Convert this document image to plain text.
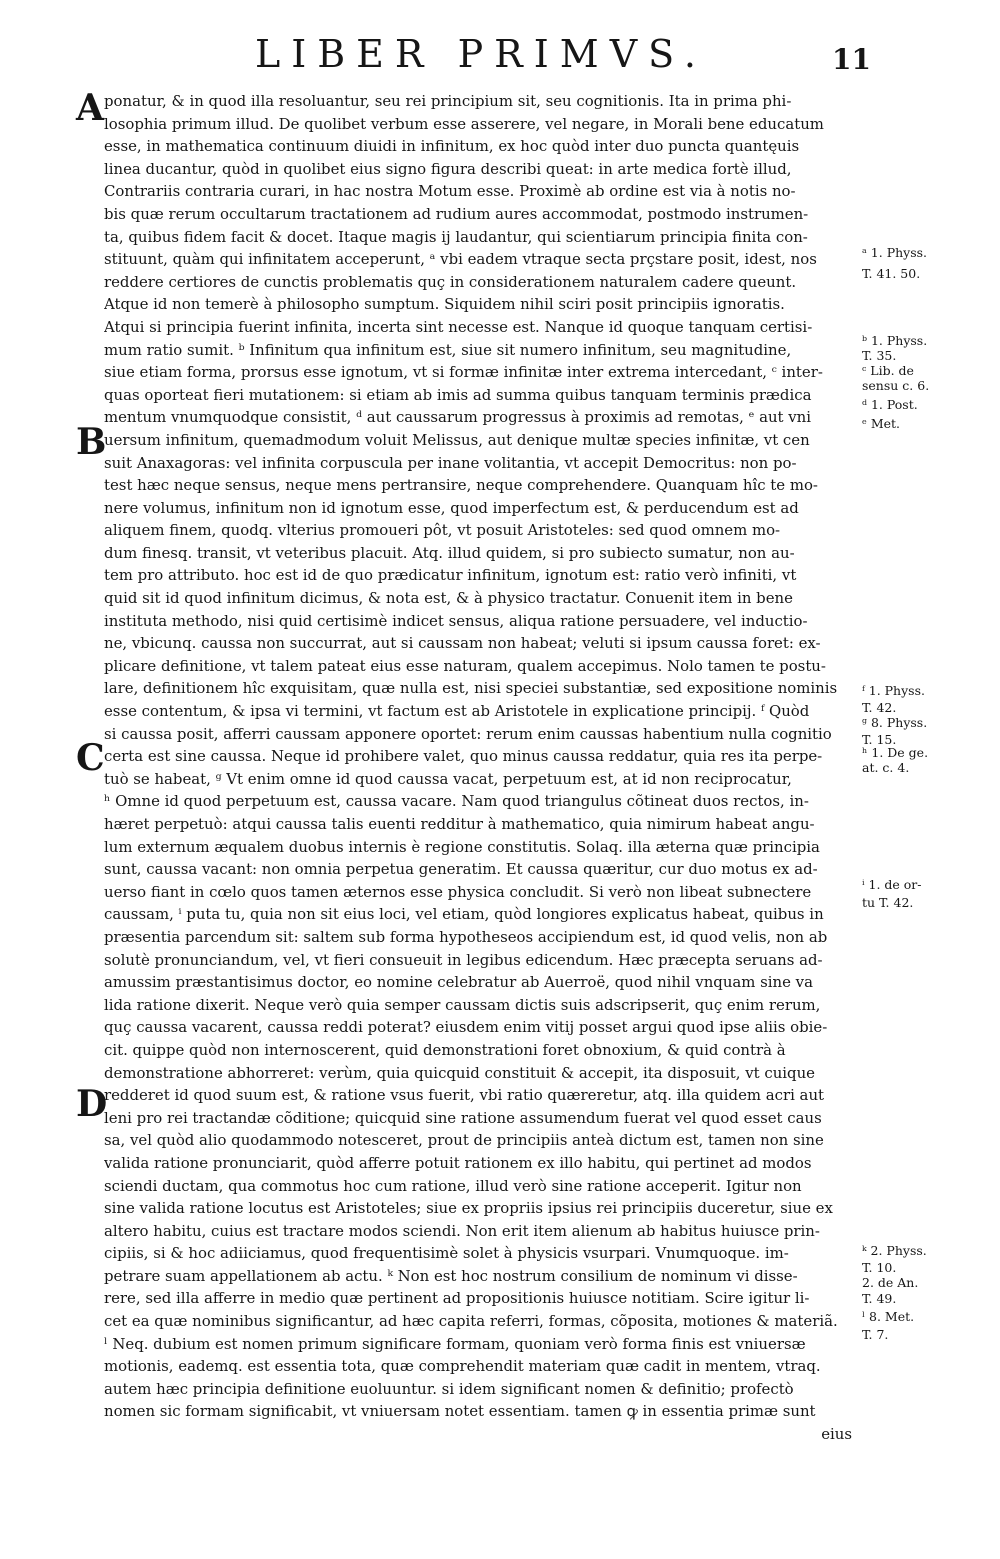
LIBER PRIMVS.	11
A
B
C
D
ponatur, & in quod illa resoluantur, seu rei principium sit, seu cognitionis. Ita in prima phi-
losophia primum illud. De quolibet verbum esse asserere, vel negare, in Morali bene educatum
esse, in mathematica continuum diuidi in infinitum, ex hoc quòd inter duo puncta quantęuis
linea ducantur, quòd in quolibet eius signo figura describi queat: in arte medica fortè illud,
Contrariis contraria curari, in hac nostra Motum esse. Proximè ab ordine est via à notis no-
bis quæ rerum occultarum tractationem ad rudium aures accommodat, postmodo instrumen-
ta, quibus fidem facit & docet. Itaque magis ij laudantur, qui scientiarum principia finita con-
stituunt, quàm qui infinitatem acceperunt, ᵃ vbi eadem vtraque secta prçstare posit, idest, nos
reddere certiores de cunctis problematis quç in considerationem naturalem cadere queunt.
Atque id non temerè à philosopho sumptum. Siquidem nihil sciri posit principiis ignoratis.
Atqui si principia fuerint infinita, incerta sint necesse est. Nanque id quoque tanquam certisi-
mum ratio sumit. ᵇ Infinitum qua infinitum est, siue sit numero infinitum, seu magnitudine,
siue etiam forma, prorsus esse ignotum, vt si formæ infinitæ inter extrema intercedant, ᶜ inter-
quas oporteat fieri mutationem: si etiam ab imis ad summa quibus tanquam terminis prædica
mentum vnumquodque consistit, ᵈ aut caussarum progressus à proximis ad remotas, ᵉ aut vni
uersum infinitum, quemadmodum voluit Melissus, aut denique multæ species infinitæ, vt cen
suit Anaxagoras: vel infinita corpuscula per inane volitantia, vt accepit Democritus: non po-
test hæc neque sensus, neque mens pertransire, neque comprehendere. Quanquam hîc te mo-
nere volumus, infinitum non id ignotum esse, quod imperfectum est, & perducendum est ad
aliquem finem, quodq. vlterius promoueri pôt, vt posuit Aristoteles: sed quod omnem mo-
dum finesq. transit, vt veteribus placuit. Atq. illud quidem, si pro subiecto sumatur, non au-
tem pro attributo. hoc est id de quo prædicatur infinitum, ignotum est: ratio verò infiniti, vt
quid sit id quod infinitum dicimus, & nota est, & à physico tractatur. Conuenit item in bene
instituta methodo, nisi quid certisimè indicet sensus, aliqua ratione persuadere, vel inductio-
ne, vbicunq. caussa non succurrat, aut si caussam non habeat; veluti si ipsum caussa foret: ex-
plicare definitione, vt talem pateat eius esse naturam, qualem accepimus. Nolo tamen te postu-
lare, definitionem hîc exquisitam, quæ nulla est, nisi speciei substantiæ, sed expositione nominis
esse contentum, & ipsa vi termini, vt factum est ab Aristotele in explicatione principij. ᶠ Quòd
si caussa posit, afferri caussam apponere oportet: rerum enim caussas habentium nulla cognitio
certa est sine caussa. Neque id prohibere valet, quo minus caussa reddatur, quia res ita perpe-
tuò se habeat, ᵍ Vt enim omne id quod caussa vacat, perpetuum est, at id non reciprocatur,
ʰ Omne id quod perpetuum est, caussa vacare. Nam quod triangulus cõtineat duos rectos, in-
hæret perpetuò: atqui caussa talis euenti redditur à mathematico, quia nimirum habeat angu-
lum externum æqualem duobus internis è regione constitutis. Solaq. illa æterna quæ principia
sunt, caussa vacant: non omnia perpetua generatim. Et caussa quæritur, cur duo motus ex ad-
uerso fiant in cœlo quos tamen æternos esse physica concludit. Si verò non libeat subnectere
caussam, ⁱ puta tu, quia non sit eius loci, vel etiam, quòd longiores explicatus habeat, quibus in
præsentia parcendum sit: saltem sub forma hypotheseos accipiendum est, id quod velis, non ab
solutè pronunciandum, vel, vt fieri consueuit in legibus edicendum. Hæc præcepta seruans ad-
amussim præstantisimus doctor, eo nomine celebratur ab Auerroë, quod nihil vnquam sine va
lida ratione dixerit. Neque verò quia semper caussam dictis suis adscripserit, quç enim rerum,
quç caussa vacarent, caussa reddi poterat? eiusdem enim vitij posset argui quod ipse aliis obie-
cit. quippe quòd non internoscerent, quid demonstrationi foret obnoxium, & quid contrà à
demonstratione abhorreret: verùm, quia quicquid constituit & accepit, ita disposuit, vt cuique
redderet id quod suum est, & ratione vsus fuerit, vbi ratio quæreretur, atq. illa quidem acri aut
leni pro rei tractandæ cõditione; quicquid sine ratione assumendum fuerat vel quod esset caus
sa, vel quòd alio quodammodo notesceret, prout de principiis anteà dictum est, tamen non sine
valida ratione pronunciarit, quòd afferre potuit rationem ex illo habitu, qui pertinet ad modos
sciendi ductam, qua commotus hoc cum ratione, illud verò sine ratione acceperit. Igitur non
sine valida ratione locutus est Aristoteles; siue ex propriis ipsius rei principiis duceretur, siue ex
altero habitu, cuius est tractare modos sciendi. Non erit item alienum ab habitus huiusce prin-
cipiis, si & hoc adiiciamus, quod frequentisimè solet à physicis vsurpari. Vnumquoque. im-
petrare suam appellationem ab actu. ᵏ Non est hoc nostrum consilium de nominum vi disse-
rere, sed illa afferre in medio quæ pertinent ad propositionis huiusce notitiam. Scire igitur li-
cet ea quæ nominibus significantur, ad hæc capita referri, formas, cõposita, motiones & materiã.
ˡ Neq. dubium est nomen primum significare formam, quoniam verò forma finis est vniuersæ
motionis, eademq. est essentia tota, quæ comprehendit materiam quæ cadit in mentem, vtraq.
autem hæc principia definitione euoluuntur. si idem significant nomen & definitio; profectò
nomen sic formam significabit, vt vniuersam notet essentiam. tamen ꝙ in essentia primæ sunt
eius
ᵃ 1. Physs.
T. 41. 50.
ᵇ 1. Physs.
T. 35.
ᶜ Lib. de
sensu c. 6.
ᵈ 1. Post.
ᵉ Met.
ᶠ 1. Physs.
T. 42.
ᵍ 8. Physs.
T. 15.
ʰ 1. De ge.
at. c. 4.
ⁱ 1. de or-
tu T. 42.
ᵏ 2. Physs.
T. 10.
2. de An.
T. 49.
ˡ 8. Met.
T. 7.
